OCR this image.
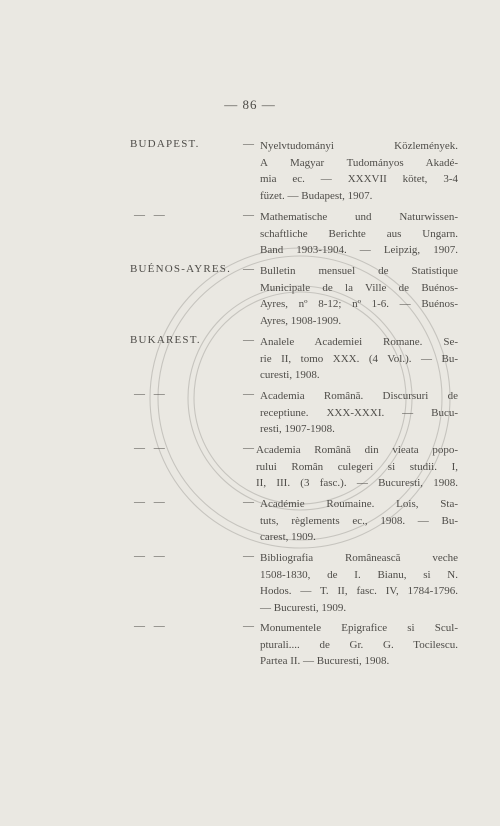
— 86 —
BUDAPEST.	— Nyelvtudományi Közlemények.
A Magyar Tudományos Akadé-
mia ec. — XXXVII kötet, 3-4
füzet. — Budapest, 1907.
— —	— Mathematische und Naturwissen-
schaftliche Berichte aus Ungarn.
Band 1903-1904. — Leipzig, 1907.
BUÉNOS-AYRES. — Bulletin mensuel de Statistique
Municipale de la Ville de Buénos-
Ayres, nº 8-12; nº 1-6. — Buénos-
Ayres, 1908-1909.
BUKAREST.	— Analele Academiei Romane. Se-
rie II, tomo XXX. (4 Vol.). — Bu-
curesti, 1908.
— —	— Academia Română. Discursuri de
receptiune. XXX-XXXI. — Bucu-
resti, 1907-1908.
— —	— Academia Română din vieata popo-
rului Român culegeri si studii. I,
II, III. (3 fasc.). — Bucuresti, 1908.
— —	— Académie Roumaine. Lois, Sta-
tuts, règlements ec., 1908. — Bu-
carest, 1909.
— —	— Bibliografia Românească veche
1508-1830, de I. Bianu, si N.
Hodos. — T. II, fasc. IV, 1784-1796.
— Bucuresti, 1909.
— —	— Monumentele Epigrafice si Scul-
pturali.... de Gr. G. Tocilescu.
Partea II. — Bucuresti, 1908.
